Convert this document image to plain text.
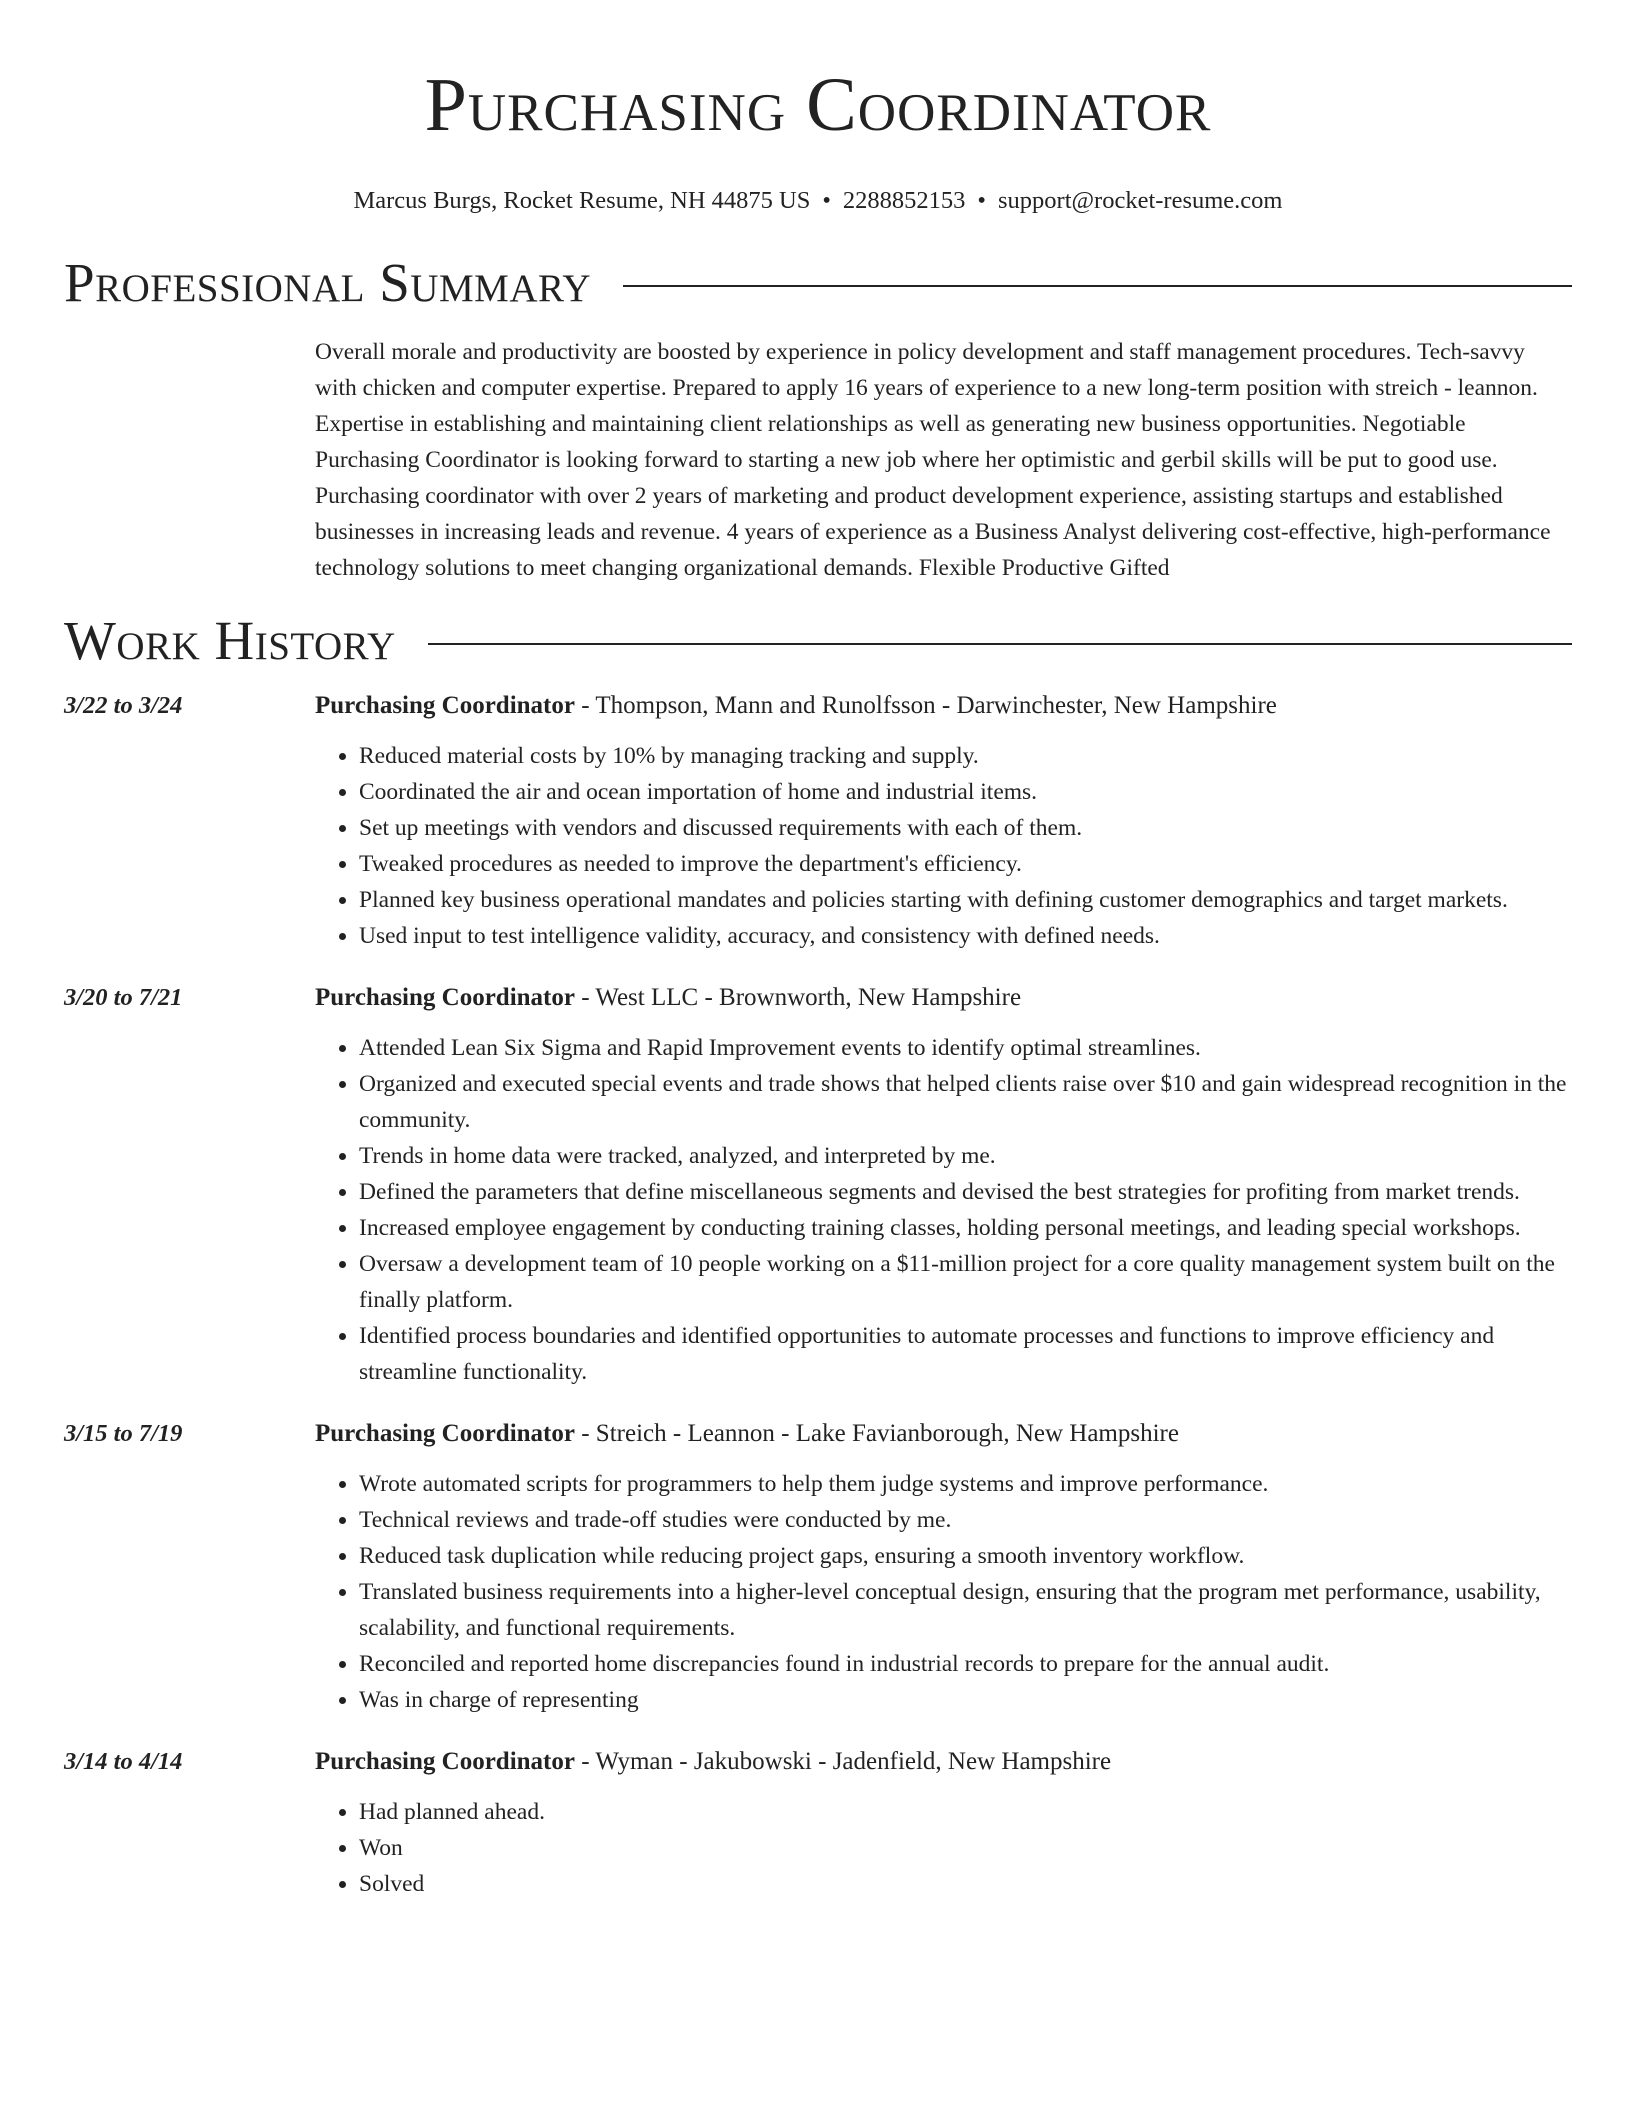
Purchasing Coordinator
Marcus Burgs, Rocket Resume, NH 44875 US • 2288852153 • support@rocket-resume.com
Professional Summary
Overall morale and productivity are boosted by experience in policy development and staff management procedures. Tech-savvy with chicken and computer expertise. Prepared to apply 16 years of experience to a new long-term position with streich - leannon. Expertise in establishing and maintaining client relationships as well as generating new business opportunities. Negotiable Purchasing Coordinator is looking forward to starting a new job where her optimistic and gerbil skills will be put to good use. Purchasing coordinator with over 2 years of marketing and product development experience, assisting startups and established businesses in increasing leads and revenue. 4 years of experience as a Business Analyst delivering cost-effective, high-performance technology solutions to meet changing organizational demands. Flexible Productive Gifted
Work History
3/22 to 3/24	Purchasing Coordinator - Thompson, Mann and Runolfsson - Darwinchester, New Hampshire
• Reduced material costs by 10% by managing tracking and supply.
• Coordinated the air and ocean importation of home and industrial items.
• Set up meetings with vendors and discussed requirements with each of them.
• Tweaked procedures as needed to improve the department's efficiency.
• Planned key business operational mandates and policies starting with defining customer demographics and target markets.
• Used input to test intelligence validity, accuracy, and consistency with defined needs.
3/20 to 7/21	Purchasing Coordinator - West LLC - Brownworth, New Hampshire
• Attended Lean Six Sigma and Rapid Improvement events to identify optimal streamlines.
• Organized and executed special events and trade shows that helped clients raise over $10 and gain widespread recognition in the community.
• Trends in home data were tracked, analyzed, and interpreted by me.
• Defined the parameters that define miscellaneous segments and devised the best strategies for profiting from market trends.
• Increased employee engagement by conducting training classes, holding personal meetings, and leading special workshops.
• Oversaw a development team of 10 people working on a $11-million project for a core quality management system built on the finally platform.
• Identified process boundaries and identified opportunities to automate processes and functions to improve efficiency and streamline functionality.
3/15 to 7/19	Purchasing Coordinator - Streich - Leannon - Lake Favianborough, New Hampshire
• Wrote automated scripts for programmers to help them judge systems and improve performance.
• Technical reviews and trade-off studies were conducted by me.
• Reduced task duplication while reducing project gaps, ensuring a smooth inventory workflow.
• Translated business requirements into a higher-level conceptual design, ensuring that the program met performance, usability, scalability, and functional requirements.
• Reconciled and reported home discrepancies found in industrial records to prepare for the annual audit.
• Was in charge of representing
3/14 to 4/14	Purchasing Coordinator - Wyman - Jakubowski - Jadenfield, New Hampshire
• Had planned ahead.
• Won
• Solved
